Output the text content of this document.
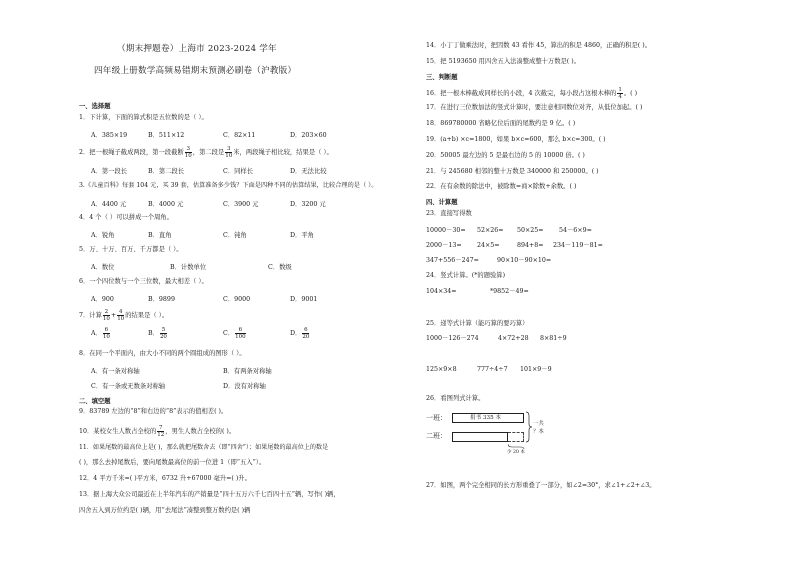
（期末押题卷）上海市 2023-2024 学年
四年级上册数学高频易错期末预测必刷卷（沪教版）
一、选择题
1．下计算，下面的算式积是五位数的是（ ）。
A．385×19	B．511×12	C．82×11	D．203×60
2．把一根绳子截成两段，第一段截断 $\frac{3}{10}$ ，第二段是 $\frac{3}{10}$ 米，两段绳子相比较，结果是（ ）。
A．第一段长	B．第二段长	C．同样长	D．无法比较
3.《儿童百科》每套 104 元，买 39 套，估算准备多少钱？下面是四种不同的估算结果，比较合理的是（ ）。
A．4400 元	B．4000 元	C．3900 元	D．3200 元
4．4 个（ ）可以拼成一个周角。
A．锐角	B．直角	C．钝角	D．平角
5．万、十万、百万、千万都是（ ）。
A．数位	B．计数单位	C．数级
6．一个四位数与一个三位数，最大相差（ ）。
A．900	B．9899	C．9000	D．9001
7．计算 $\frac{2}{10} + \frac{4}{10}$ 的结果是（ ）。
A． $\frac{6}{10}$	B． $\frac{5}{20}$	C． $\frac{6}{100}$	D． $\frac{6}{20}$
8．在同一个平面内，由大小不同的两个圆组成的图形（ ）。
A．有一条对称轴	B．有两条对称轴
C．有一条或无数条对称轴	D．没有对称轴
二、填空题
9．83789 左边的“8”和右边的“8”表示的值相差( )。
10．某校女生人数占全校的 $\frac{7}{12}$ ，男生人数占全校的( )。
11．如果尾数的最高位上是( )，那么就把尾数舍去（即“四舍”）；如果尾数的最高位上的数是
( )，那么去掉尾数后，要向尾数最高位的前一位进 1（即“五入”）。
12．4 平方千米=( )平方米，6732 升+67000 毫升=( )升。
13．据上海大众公司最近在上半年汽车的产销量是“四十五万六千七百四十五”辆，写作( )辆，
四舍五入到万位约是( )辆，用“去尾法”凑整到整万数约是( )辆
14．小丁丁做乘法时，把因数 43 看作 45，算出的积是 4860，正确的积是( )。
15．把 5193650 用四舍五入法凑整成整十万数是( )。
三、判断题
16．把一根木棒截成同样长的小段，4 次截完，每小段占这根木棒的 $\frac{1}{4}$ 。( )
17．在进行三位数加法的竖式计算时，要注意相同数位对齐，从低位加起。( )
18．869780000 省略亿位后面的尾数约是 9 亿。( )
19．(a+b) ×c=1800，如果 b×c=600，那么 b×c=300。( )
20．50005 最左边的 5 是最右边的 5 的 10000 倍。( )
21．与 245680 相邻的整十万数是 340000 和 250000。( )
22．在有余数的除法中，被除数=商×除数+余数。( )
四、计算题
23．直接写得数
10000－30= 52×26= 50×25= 54－6×9=
2000－13= 24×5=	894+8= 234－119－81=
347+556－247=	90×10－90×10=
24．竖式计算。(*的题验算)
104×34=	*9852－49=
25．递等式计算（能巧算的要巧算）
1000－126－274	4×72+28 8×81÷9
125×9×8	777÷4÷7 101×9－9
26．看图列式计算。
一班：
二班：
捐书 335 本
一共
？本
少 20 本
27．如图，两个完全相同的长方形重叠了一部分，如∠2=30°，求∠1+∠2+∠3。
